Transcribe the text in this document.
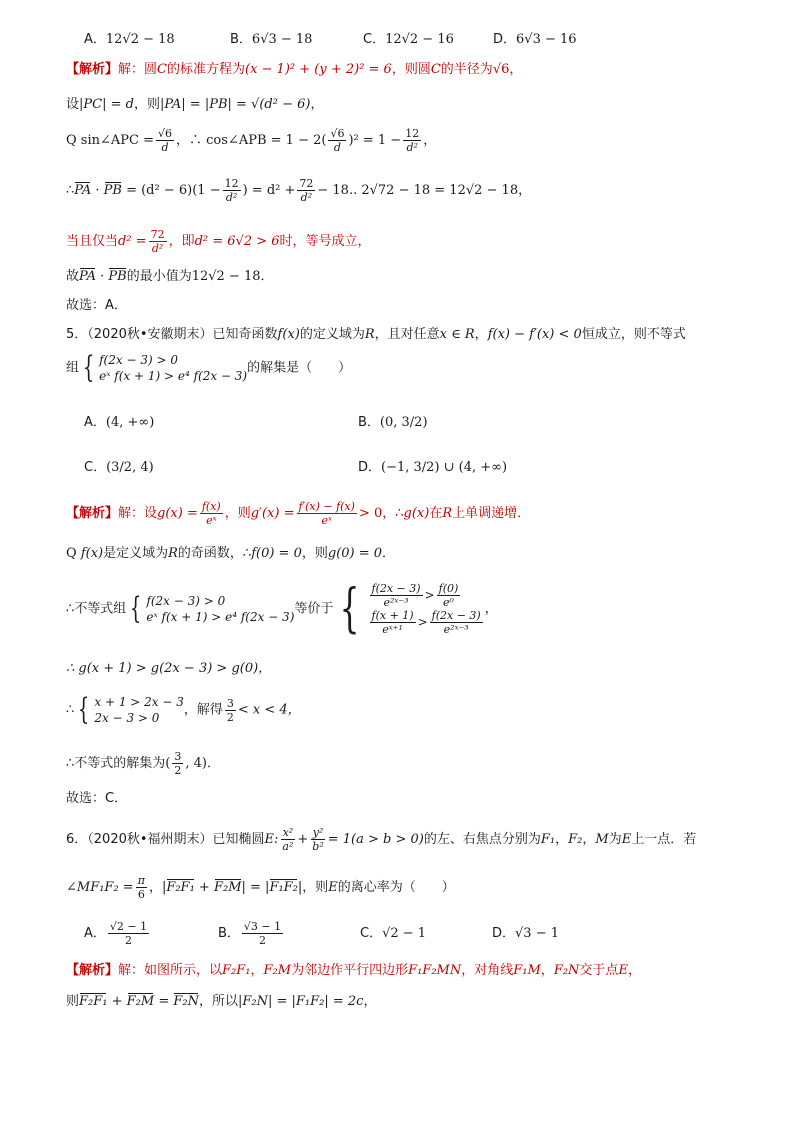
A．12√2 − 18	B．6√3 − 18	C．12√2 − 16	D．6√3 − 16
【解析】解：圆C的标准方程为(x − 1)² + (y + 2)² = 6，则圆C的半径为√6，
设|PC| = d，则|PA| = |PB| = √(d² − 6)，
Q sin∠APC = $\frac{√6}{d}$ ，∴ cos∠APB = $1 - 2( \frac{√6}{d} )^2 = 1 - \frac{12}{\text{d²}}$ ，
∴PA · PB = $(d^2 - 6)(1 - \frac{12}{\text{d²}}$ ) = $d^2 + \frac{72}{\text{d²}} - 18$.. 2√72 − 18 = 12√2 − 18，
当且仅当$d^2 = \frac{72}{\text{d²}}$ ，即d² = 6√2 > 6时，等号成立，
故PA · PB的最小值为12√2 − 18．
故选：A．
5．（2020秋•安徽期末）已知奇函数f(x)的定义域为R，且对任意x ∈ R，f(x) − f′(x) < 0恒成立，则不等式
组 { f(2x − 3) > 0
eˣ f(x + 1) > e⁴ f(2x − 3)
的解集是（　　）
A．(4, +∞)	B．(0, 3/2)
C．(3/2, 4)	D．(−1, 3/2) ∪ (4, +∞)
【解析】解：设$g(x) = \frac{f(x)}{\text{eˣ}}$ ，则$g'(x) = \frac{f'(x) - f(x)}{\text{eˣ}} > 0$，∴g(x)在R上单调递增．
Q f(x)是定义域为R的奇函数，∴f(0) = 0，则g(0) = 0．
∴不等式组 { f(2x − 3) > 0
eˣ f(x + 1) > e⁴ f(2x − 3)
等价于 { $\frac{f(2x - 3)}{\text{e²ˣ⁻³}} > \frac{f(0)}{\text{e⁰}}$
$\frac{f(x + 1)}{\text{eˣ⁺¹}} > \frac{f(2x - 3)}{\text{e²ˣ⁻³}}$ ，
∴ g(x + 1) > g(2x − 3) > g(0)，
∴ { x + 1 > 2x − 3
2x − 3 > 0
，解得 $\frac{3}{2} < x < 4$，
∴不等式的解集为( $\frac{3}{2}$ , 4)．
故选：C．
6．（2020秋•福州期末）已知椭圆E: $\frac{\text{x²}}{\text{a²}} + \frac{\text{y²}}{\text{b²}} = 1(a > b > 0)$的左、右焦点分别为F₁，F₂，M为E上一点．若
∠MF₁F₂ = $\frac{\pi}{6}$ ，|F₂F₁ + F₂M| = |F₁F₂|，则E的离心率为（　　）
A． $\frac{√2 - 1}{2}$	B． $\frac{√3 - 1}{2}$	C．√2 − 1	D．√3 − 1
【解析】解：如图所示，以F₂F₁，F₂M为邻边作平行四边形F₁F₂MN，对角线F₁M，F₂N交于点E，
则F₂F₁ + F₂M = F₂N，所以|F₂N| = |F₁F₂| = 2c，
